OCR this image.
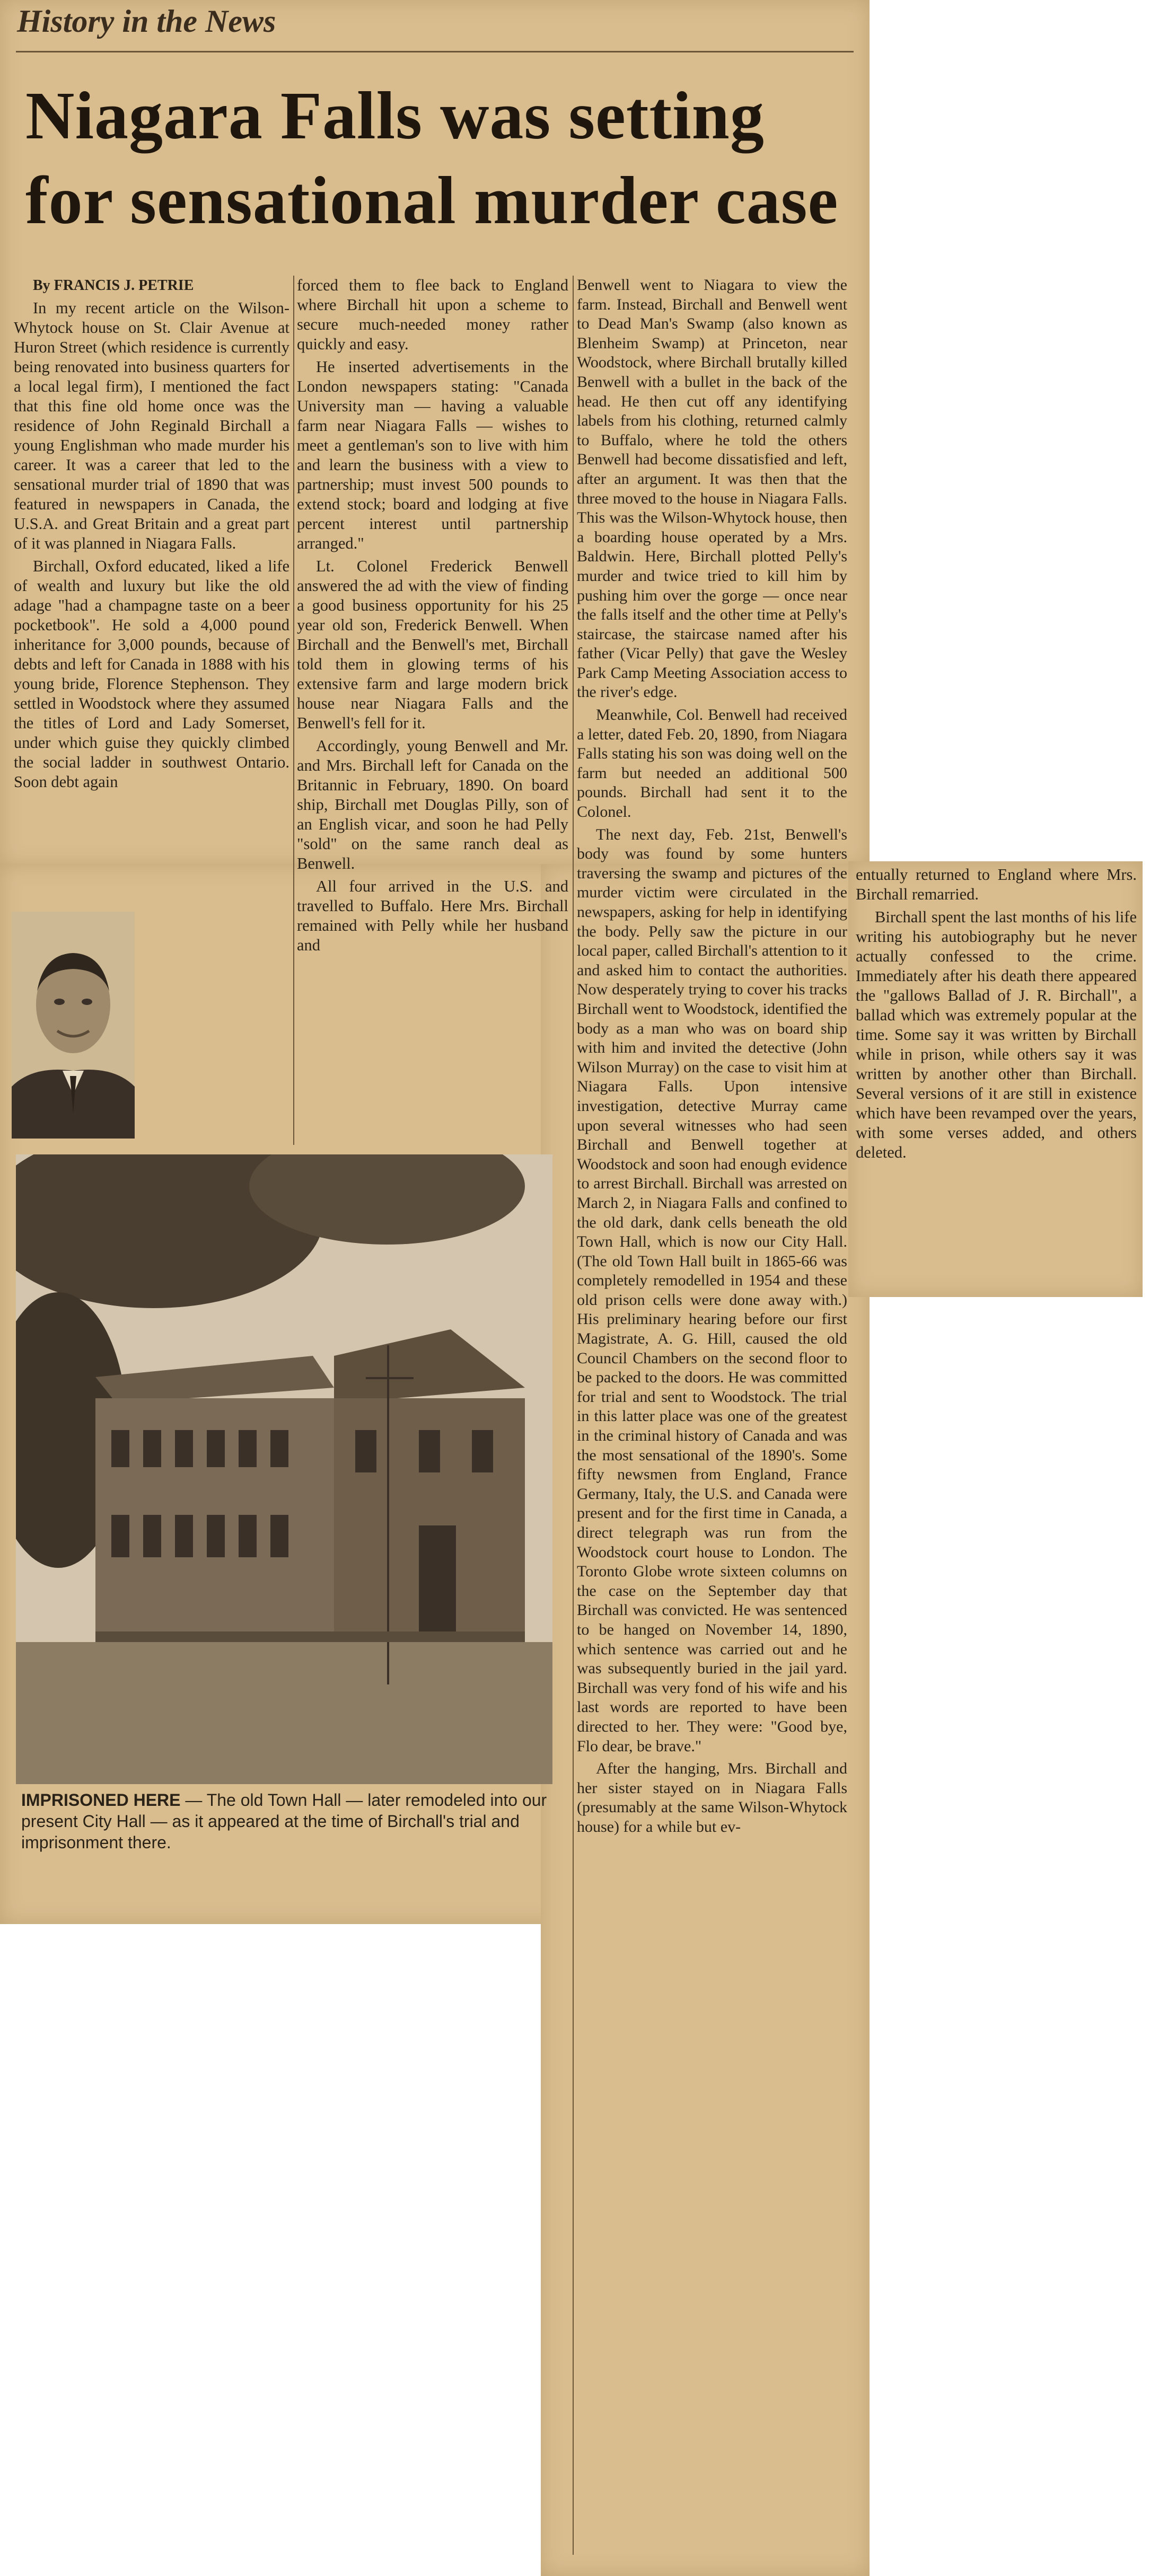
History in the News
Niagara Falls was setting for sensational murder case

By FRANCIS J. PETRIE

In my recent article on the Wilson-Whytock house on St. Clair Avenue at Huron Street (which residence is currently being renovated into business quarters for a local legal firm), I mentioned the fact that this fine old home once was the residence of John Reginald Birchall a young Englishman who made murder his career. It was a career that led to the sensational murder trial of 1890 that was featured in newspapers in Canada, the U.S.A. and Great Britain and a great part of it was planned in Niagara Falls.

Birchall, Oxford educated, liked a life of wealth and luxury but like the old adage "had a champagne taste on a beer pocketbook". He sold a 4,000 pound inheritance for 3,000 pounds, because of debts and left for Canada in 1888 with his young bride, Florence Stephenson. They settled in Woodstock where they assumed the titles of Lord and Lady Somerset, under which guise they quickly climbed the social ladder in southwest Ontario. Soon debt again

forced them to flee back to England where Birchall hit upon a scheme to secure much-needed money rather quickly and easy.

He inserted advertisements in the London newspapers stating: "Canada University man — having a valuable farm near Niagara Falls — wishes to meet a gentleman's son to live with him and learn the business with a view to partnership; must invest 500 pounds to extend stock; board and lodging at five percent interest until partnership arranged."

Lt. Colonel Frederick Benwell answered the ad with the view of finding a good business opportunity for his 25 year old son, Frederick Benwell. When Birchall and the Benwell's met, Birchall told them in glowing terms of his extensive farm and large modern brick house near Niagara Falls and the Benwell's fell for it.

Accordingly, young Benwell and Mr. and Mrs. Birchall left for Canada on the Britannic in February, 1890. On board ship, Birchall met Douglas Pilly, son of an English vicar, and soon he had Pelly "sold" on the same ranch deal as Benwell.

All four arrived in the U.S. and travelled to Buffalo. Here Mrs. Birchall remained with Pelly while her husband and

Benwell went to Niagara to view the farm. Instead, Birchall and Benwell went to Dead Man's Swamp (also known as Blenheim Swamp) at Princeton, near Woodstock, where Birchall brutally killed Benwell with a bullet in the back of the head. He then cut off any identifying labels from his clothing, returned calmly to Buffalo, where he told the others Benwell had become dissatisfied and left, after an argument. It was then that the three moved to the house in Niagara Falls. This was the Wilson-Whytock house, then a boarding house operated by a Mrs. Baldwin. Here, Birchall plotted Pelly's murder and twice tried to kill him by pushing him over the gorge — once near the falls itself and the other time at Pelly's staircase, the staircase named after his father (Vicar Pelly) that gave the Wesley Park Camp Meeting Association access to the river's edge.

Meanwhile, Col. Benwell had received a letter, dated Feb. 20, 1890, from Niagara Falls stating his son was doing well on the farm but needed an additional 500 pounds. Birchall had sent it to the Colonel.

The next day, Feb. 21st, Benwell's body was found by some hunters traversing the swamp and pictures of the murder victim were circulated in the newspapers, asking for help in identifying the body. Pelly saw the picture in our local paper, called Birchall's attention to it and asked him to contact the authorities. Now desperately trying to cover his tracks Birchall went to Woodstock, identified the body as a man who was on board ship with him and invited the detective (John Wilson Murray) on the case to visit him at Niagara Falls. Upon intensive investigation, detective Murray came upon several witnesses who had seen Birchall and Benwell together at Woodstock and soon had enough evidence to arrest Birchall. Birchall was arrested on March 2, in Niagara Falls and confined to the old dark, dank cells beneath the old Town Hall, which is now our City Hall. (The old Town Hall built in 1865-66 was completely remodelled in 1954 and these old prison cells were done away with.) His preliminary hearing before our first Magistrate, A. G. Hill, caused the old Council Chambers on the second floor to be packed to the doors. He was committed for trial and sent to Woodstock. The trial in this latter place was one of the greatest in the criminal history of Canada and was the most sensational of the 1890's. Some fifty newsmen from England, France Germany, Italy, the U.S. and Canada were present and for the first time in Canada, a direct telegraph was run from the Woodstock court house to London. The Toronto Globe wrote sixteen columns on the case on the September day that Birchall was convicted. He was sentenced to be hanged on November 14, 1890, which sentence was carried out and he was subsequently buried in the jail yard. Birchall was very fond of his wife and his last words are reported to have been directed to her. They were: "Good bye, Flo dear, be brave."

After the hanging, Mrs. Birchall and her sister stayed on in Niagara Falls (presumably at the same Wilson-Whytock house) for a while but ev-

entually returned to England where Mrs. Birchall remarried.

Birchall spent the last months of his life writing his autobiography but he never actually confessed to the crime. Immediately after his death there appeared the "gallows Ballad of J. R. Birchall", a ballad which was extremely popular at the time. Some say it was written by Birchall while in prison, while others say it was written by another other than Birchall. Several versions of it are still in existence which have been revamped over the years, with some verses added, and others deleted.

IMPRISONED HERE — The old Town Hall — later remodeled into our present City Hall — as it appeared at the time of Birchall's trial and imprisonment there.
